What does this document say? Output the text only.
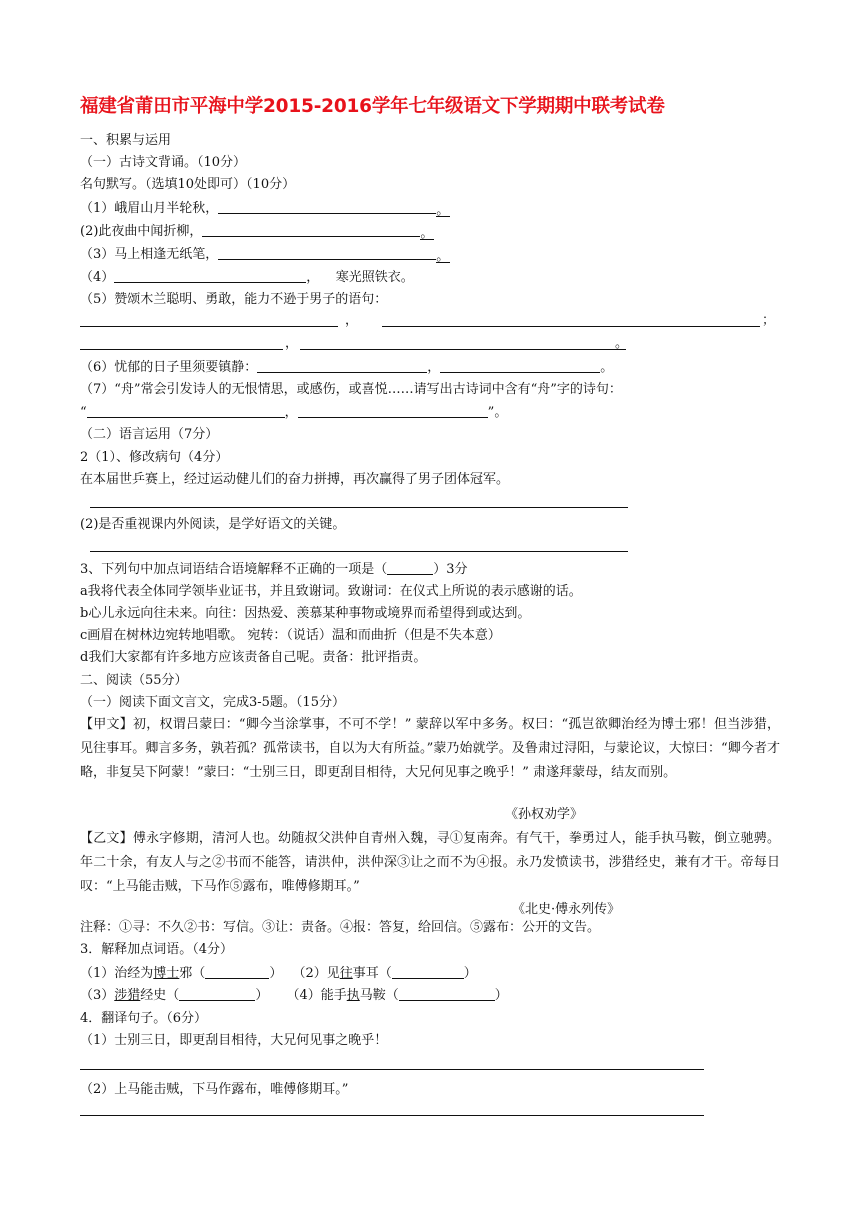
福建省莆田市平海中学2015-2016学年七年级语文下学期期中联考试卷
一、积累与运用
（一）古诗文背诵。（10分）
名句默写。（选填10处即可）（10分）
（1）峨眉山月半轮秋，	。
(2)此夜曲中闻折柳，	。
（3）马上相逢无纸笔，	。
（4）	，    寒光照铁衣。
（5）赞颂木兰聪明、勇敢，能力不逊于男子的语句：
，	；
，	。
（6）忧郁的日子里须要镇静：	，	。
（7）“舟”常会引发诗人的无恨情思，或感伤，或喜悦……请写出古诗词中含有“舟”字的诗句：
“	，	”。
（二）语言运用（7分）
2（1）、修改病句（4分）
在本届世乒赛上，经过运动健儿们的奋力拼搏，再次赢得了男子团体冠军。
(2)是否重视课内外阅读，是学好语文的关键。
3、下列句中加点词语结合语境解释不正确的一项是（	）3分
a我将代表全体同学领毕业证书，并且致谢词。致谢词：在仪式上所说的表示感谢的话。
b心儿永远向往未来。向往：因热爱、羡慕某种事物或境界而希望得到或达到。
c画眉在树林边宛转地唱歌。 宛转：（说话）温和而曲折（但是不失本意）
d我们大家都有许多地方应该责备自己呢。责备：批评指责。
二、阅读（55分）
（一）阅读下面文言文，完成3-5题。（15分）
【甲文】初，权谓吕蒙曰：“卿今当涂掌事，不可不学！” 蒙辞以军中多务。权曰：“孤岂欲卿治经为博士邪！但当涉猎，见往事耳。卿言多务，孰若孤？孤常读书，自以为大有所益。”蒙乃始就学。及鲁肃过浔阳，与蒙论议，大惊曰：“卿今者才略，非复吴下阿蒙！”蒙曰：“士别三日，即更刮目相待，大兄何见事之晚乎！” 肃遂拜蒙母，结友而别。
《孙权劝学》
【乙文】傅永字修期，清河人也。幼随叔父洪仲自青州入魏，寻①复南奔。有气干，拳勇过人，能手执马鞍，倒立驰骋。年二十余，有友人与之②书而不能答，请洪仲，洪仲深③让之而不为④报。永乃发愤读书，涉猎经史，兼有才干。帝每日叹：“上马能击贼，下马作⑤露布，唯傅修期耳。”
《北史·傅永列传》
注释：①寻：不久②书：写信。③让：责备。④报：答复，给回信。⑤露布：公开的文告。
3．解释加点词语。（4分）
（1）治经为博士邪（	） （2）见往事耳（	）
（3）涉猎经史（	） （4）能手执马鞍（	）
4．翻译句子。（6分）
（1）士别三日，即更刮目相待，大兄何见事之晚乎！
（2）上马能击贼，下马作露布，唯傅修期耳。”
